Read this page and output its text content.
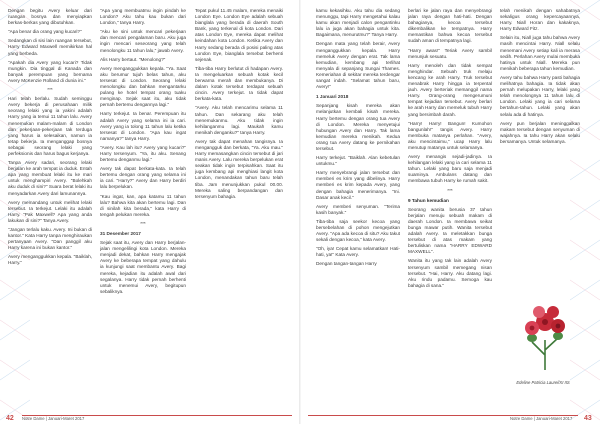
Dengan begitu Avery keluar dari ruangan bosnya dan menyiapkan berkas-berkas yang dibutuhkan.

"Apa benar dia orang yang kucari?"

Sedangkan di sisi lain ruangan tersebut, Harry Edward Maxwell memikirkan hal yang berbeda.

"Apakah dia Avery yang kucari? Tidak mungkin. Dia tinggal di Kanada dan banyak perempuan yang bernama Avery McKenzie Rolland di dunia ini."

***

Hari telah berlalu. Sudah seminggu Avery bekerja di perusahaan milik seorang lelaki yang ia yakini adalah Harry yang ia temui 11 tahun lalu. Avery menemukan malam-malam di London dan pekerjaan-pekerjaan tak terduga yang harus ia selesaikan, namun ia tetap bekerja. Ia menganggap bosnya sebagai seorang lelaki yang perfeksionis dan harus bagus kerjanya.

Tanpa Avery sadari, seorang lelaki berjalan ke arah tempat ia duduk. Entah apa yang membuat lelaki itu ke mari untuk menghampiri Avery. "Bolehkah aku duduk di sini?" Suara berat lelaki itu menyadarkan Avery dari lamunannya.

Avery memandang untuk melihat lelaki tersebut. Ia terkejut. Lelaki itu adalah Harry. "Pak Maxwell? Apa yang anda lakukan di sini?" Tanya Avery.

"Jangan terlalu kaku. Avery. Ini bukan di kantor." Kata Harry tanpa menghiraukan pertanyaan Avery. "Dan panggil aku Harry karena ini bukan kantor."

Avery menganggukkan kepala. "Baiklah, Harry."

"Apa yang membuatmu ingin pindah ke London? Aku tahu kau bukan dari London," tanya Harry.

"Aku ke sini untuk mencari pekerjaan dan mencari pengalaman baru. Aku juga ingin mencari seseorang yang telah menolongku 11 tahun lalu," jawab Avery.

Alis Harry bertaut. "Menolong?"

Avery menganggukkan kepala. "Ya. Saat aku berumur tujuh belas tahun, aku tersesat di London. Seorang lelaki menolongku dan bahkan mengantarku pulang ke hotel tempat orang tuaku menginap. Sejak saat itu, aku tidak pernah bertemu dengannya lagi."

Harry terkejut. Ia benar. Perempuan itu adalah Avery yang selama ini ia cari. Avery yang ia tolong 11 tahun lalu ketika tersesat di London. "Apa kau ingat namanya?" tanya Harry.

"Avery. Kau lah itu? Avery yang kucari?" Harry tersenyum. "Ya, itu aku. Senang bertemu denganmu lagi."

Avery tak dapat berkata-kata. Ia telah bertemu dengan orang yang selama ini ia cari. "Harry?" Avery dan Harry berdiri lalu berpelukan.

"Kau ingat, kan, apa katamu 11 tahun lalu? Bahwa kita akan bertemu lagi. Dan di sinilah kita berada," kata Harry di tengah pelukan mereka.

***

31 Desember 2017

Sejak saat itu, Avery dan Harry berjalan-jalan mengelilingi kota London. Mereka menjadi dekat, bahkan Harry mengajak Avery ke beberapa tempat yang dahulu ia kunjungi saat membantu Avery. Bagi mereka, kejadian itu adalah awal dari segalanya. Harry tidak pernah berhenti untuk menemui Avery, begitupun sebaliknya.

Tepat pukul 11.45 malam, mereka menaiki London Eye. London Eye adalah sebuah bianglala yang berada di daerah South Bank, yang terkenal di kota London. Dari atas London Eye, mereka dapat melihat keindahan kota London. Ketika Avery dan Harry sedang berada di posisi paling atas London Eye, bianglala tersebut berhenti sejenak.

Tiba-tiba Harry berlutut di hadapan Avery. Ia mengeluarkan sebuah kotak kecil berwarna merah dan membukanya. Di dalam kotak tersebut terdapat sebuah cincin. Avery terkejut. Ia tidak dapat berkata-kata.

"Avery. Aku telah mencarimu selama 11 tahun. Dan sekarang aku telah menemukanmu. Aku tidak ingin kehilanganmu lagi. Maukah kamu menikah denganku?" tanya Harry.

Avery tak dapat menahan tangisnya. Ia mengangguk dan berkata, "Ya. Aku mau." Harry memasangkan cincin tersebut di jari manis Avery. Lalu mereka berpelukan erat seakan tidak ingin terpisahkan. Saat itu juga kembang api menghiasi langit kota London, menandakan tahun baru telah tiba. Jam menunjukkan pukul 00.00. Mereka saling berpandangan dan tersenyum bahagia.

42 Notre Dame | Januari-Maret 2017

kamu kekasihku. Aku tahu dia sedang menunggu, tapi Harry mengetahui kalau kamu akan menjadi calon pengantinku lalu ia juga akan bahagia untuk kita. Bagaimana, menurutmu?" Tanya Harry.

Dengan mata yang telah berair, Avery menganggukkan kepala. Harry memeluk Avery dengan erat. Tak lama kemudian, kembang api terlihat menyala di sepanjang Sungai Thames. Kemeriahan di sekitar mereka terdengar sangat indah. "Selamat tahun baru, Avery!"

1 Januari 2018

Sepanjang kisah mereka akan melanjutkan kembali kisah mereka. Harry bertemu dengan orang tua Avery di London. Mereka menyetujui hubungan Avery dan Harry. Tak lama kemudian mereka menikah. Kedua orang tua Avery datang ke pernikahan tersebut.

Harry terkejut. "Baiklah. Alan kebetulan untukmu."

Harry menyebrangi jalan tersebut dan memberi es krim yang dibelinya. Harry memberi es krim kepada Avery, yang dengan bahagia menerimanya. "Ini. Dasar anak kecil."

Avery memberi senyuman. "Terima kasih banyak."

Tiba-tiba saja seekor kecoa yang bersebelahan di pohon mengejutkan Avery. "Apa ada kecoa di situ? Aku takut sekali dengan kecoa," kata Avery.

"Oh, iya! Cepat kamu selamatkan! Hati-hati, ya!" Kata Avery.

Dengan tangan-tangan Harry

berlari ke jalan raya dan menyebrangi jalan raya dengan hati-hati. Dengan bahagianya, kecoa tersebut dikembalikan ke tempatnya. Harry memastikan bahwa kecoa tersebut sudah aman di tempatnya lagi.

"Harry awas!" Teriak Avery sambil menunjuk sesuatu.

Harry menoleh dan tidak sempat menghindar. Sebuah truk melaju kencang ke arah Harry. Truk tersebut menabrak Harry hingga ia terpental jauh. Avery berteriak memanggil nama Harry. Orang-orang mengerumuni tempat kejadian tersebut. Avery berlari ke arah Harry dan memeluk tubuh Harry yang bersimbah darah.

"Harry! Harry! Bangun! Kumohon bangunlah!" tangis Avery. Harry membuka matanya perlahan. "Avery, aku mencintaimu," ucap Harry lalu menutup matanya untuk selamanya.

Avery menangis sejadi-jadinya. Ia kehilangan lelaki yang ia cari selama 11 tahun. Lelaki yang baru saja menjadi suaminya. Ambulans datang dan membawa tubuh Harry ke rumah sakit.

***

9 Tahun kemudian

Seorang wanita berusia 37 tahun berjalan menuju sebuah makam di daerah London. Ia membawa seikat bunga mawar putih. Wanita tersebut adalah Avery. Ia meletakkan bunga tersebut di atas makam yang bertuliskan nama "HARRY EDWARD MAXWELL".

Wanita itu yang tak lain adalah Avery tersenyum sambil memegang nisan tersebut. "Hai, Harry. Aku datang lagi. Aku rindu padamu. Semoga kau bahagia di sana."

telah menikah dengan sahabatnya sekaligus orang kepercayaannya, Harry. Niall Horan dan kakaknya, Harry Edward Fitz.

Selain itu, Niall juga tahu bahwa Avery masih mencintai Harry. Niall selalu menemani Avery setiap kali ia merasa sedih. Perlahan Avery mulai membuka hatinya untuk Niall. Mereka pun menikah beberapa tahun kemudian.

Avery tahu bahwa Harry pasti bahagia melihatnya bahagia. Ia tidak akan pernah melupakan Harry, lelaki yang telah menolongnya 11 tahun lalu di London. Lelaki yang ia cari selama bertahun-tahun. Lelaki yang akan selalu ada di hatinya.

Avery pun berjalan meninggalkan makam tersebut dengan senyuman di wajahnya. Ia tahu Harry akan selalu bersamanya. Untuk selamanya.

Notre Dame | Januari-Maret 2017 43
Edeline Patricia Laurel/XI IIS
